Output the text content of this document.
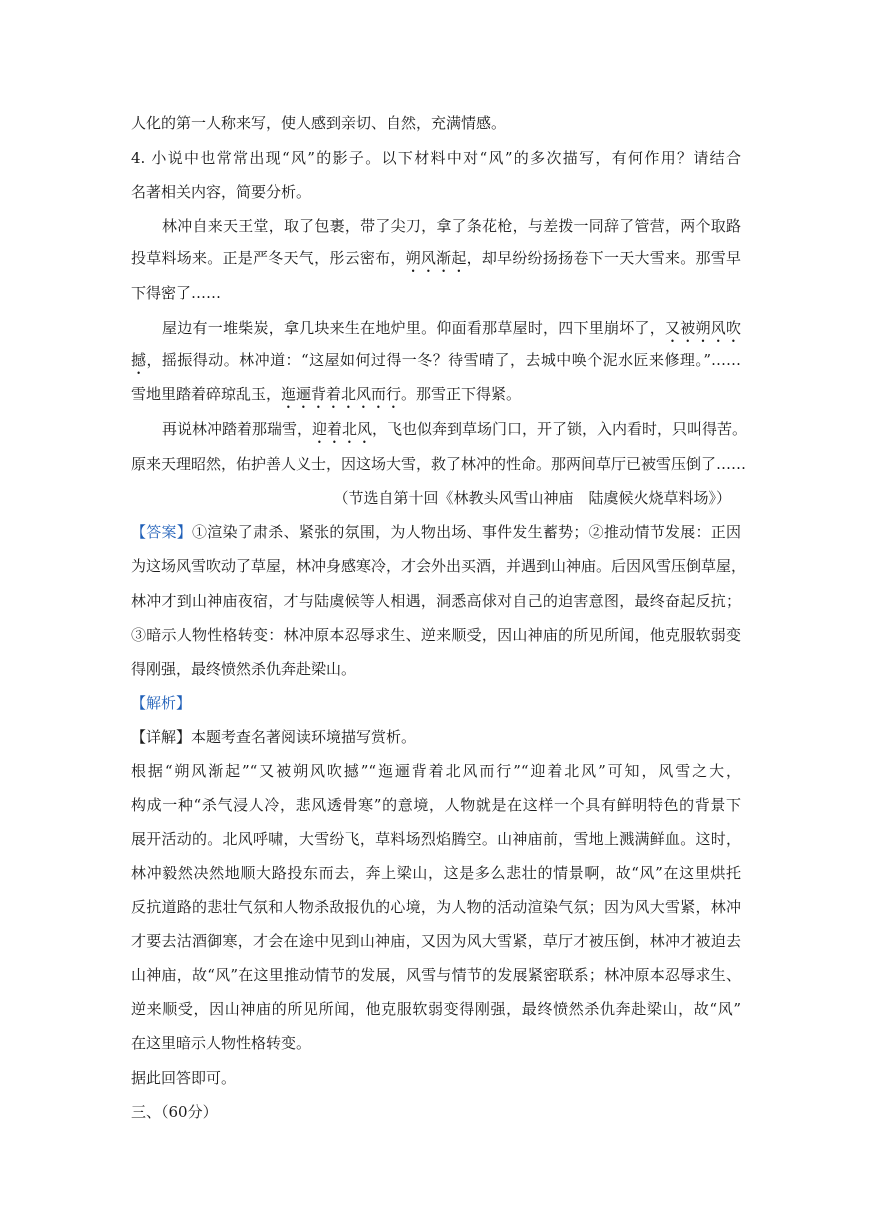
人化的第一人称来写，使人感到亲切、自然，充满情感。
4. 小说中也常常出现“风”的影子。以下材料中对“风”的多次描写，有何作用？请结合
名著相关内容，简要分析。
林冲自来天王堂，取了包裹，带了尖刀，拿了条花枪，与差拨一同辞了管营，两个取路
投草料场来。正是严冬天气，彤云密布，朔风渐起，却早纷纷扬扬卷下一天大雪来。那雪早
下得密了……
屋边有一堆柴炭，拿几块来生在地炉里。仰面看那草屋时，四下里崩坏了，又被朔风吹
撼，摇振得动。林冲道：“这屋如何过得一冬？待雪晴了，去城中唤个泥水匠来修理。”……
雪地里踏着碎琼乱玉，迤逦背着北风而行。那雪正下得紧。
再说林冲踏着那瑞雪，迎着北风，飞也似奔到草场门口，开了锁，入内看时，只叫得苦。
原来天理昭然，佑护善人义士，因这场大雪，救了林冲的性命。那两间草厅已被雪压倒了……
（节选自第十回《林教头风雪山神庙　陆虞候火烧草料场》）
【答案】①渲染了肃杀、紧张的氛围，为人物出场、事件发生蓄势；②推动情节发展：正因
为这场风雪吹动了草屋，林冲身感寒冷，才会外出买酒，并遇到山神庙。后因风雪压倒草屋，
林冲才到山神庙夜宿，才与陆虞候等人相遇，洞悉高俅对自己的迫害意图，最终奋起反抗；
③暗示人物性格转变：林冲原本忍辱求生、逆来顺受，因山神庙的所见所闻，他克服软弱变
得刚强，最终愤然杀仇奔赴梁山。
【解析】
【详解】本题考查名著阅读环境描写赏析。
根据“朔风渐起”“又被朔风吹撼”“迤逦背着北风而行”“迎着北风”可知，风雪之大，
构成一种“杀气浸人冷，悲风透骨寒”的意境，人物就是在这样一个具有鲜明特色的背景下
展开活动的。北风呼啸，大雪纷飞，草料场烈焰腾空。山神庙前，雪地上溅满鲜血。这时，
林冲毅然决然地顺大路投东而去，奔上梁山，这是多么悲壮的情景啊，故“风”在这里烘托
反抗道路的悲壮气氛和人物杀敌报仇的心境，为人物的活动渲染气氛；因为风大雪紧，林冲
才要去沽酒御寒，才会在途中见到山神庙，又因为风大雪紧，草厅才被压倒，林冲才被迫去
山神庙，故“风”在这里推动情节的发展，风雪与情节的发展紧密联系；林冲原本忍辱求生、
逆来顺受，因山神庙的所见所闻，他克服软弱变得刚强，最终愤然杀仇奔赴梁山，故“风”
在这里暗示人物性格转变。
据此回答即可。
三、（60分）
